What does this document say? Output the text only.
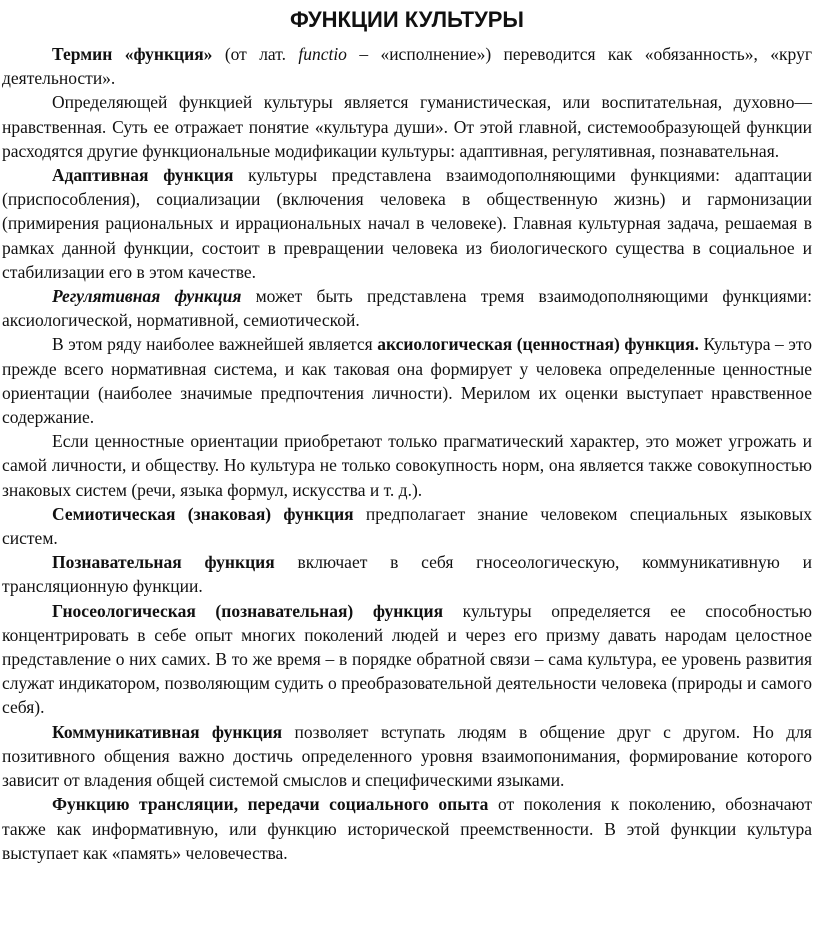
ФУНКЦИИ КУЛЬТУРЫ

Термин «функция» (от лат. functio – «исполнение») переводится как «обязанность», «круг деятельности».

Определяющей функцией культуры является гуманистическая, или воспитательная, духовно—нравственная. Суть ее отражает понятие «культура души». От этой главной, системообразующей функции расходятся другие функциональные модификации культуры: адаптивная, регулятивная, познавательная.

Адаптивная функция культуры представлена взаимодополняющими функциями: адаптации (приспособления), социализации (включения человека в общественную жизнь) и гармонизации (примирения рациональных и иррациональных начал в человеке). Главная культурная задача, решаемая в рамках данной функции, состоит в превращении человека из биологического существа в социальное и стабилизации его в этом качестве.

Регулятивная функция может быть представлена тремя взаимодополняющими функциями: аксиологической, нормативной, семиотической.

В этом ряду наиболее важнейшей является аксиологическая (ценностная) функция. Культура – это прежде всего нормативная система, и как таковая она формирует у человека определенные ценностные ориентации (наиболее значимые предпочтения личности). Мерилом их оценки выступает нравственное содержание.

Если ценностные ориентации приобретают только прагматический характер, это может угрожать и самой личности, и обществу. Но культура не только совокупность норм, она является также совокупностью знаковых систем (речи, языка формул, искусства и т. д.).

Семиотическая (знаковая) функция предполагает знание человеком специальных языковых систем.

Познавательная функция включает в себя гносеологическую, коммуникативную и трансляционную функции.

Гносеологическая (познавательная) функция культуры определяется ее способностью концентрировать в себе опыт многих поколений людей и через его призму давать народам целостное представление о них самих. В то же время – в порядке обратной связи – сама культура, ее уровень развития служат индикатором, позволяющим судить о преобразовательной деятельности человека (природы и самого себя).

Коммуникативная функция позволяет вступать людям в общение друг с другом. Но для позитивного общения важно достичь определенного уровня взаимопонимания, формирование которого зависит от владения общей системой смыслов и специфическими языками.

Функцию трансляции, передачи социального опыта от поколения к поколению, обозначают также как информативную, или функцию исторической преемственности. В этой функции культура выступает как «память» человечества.
